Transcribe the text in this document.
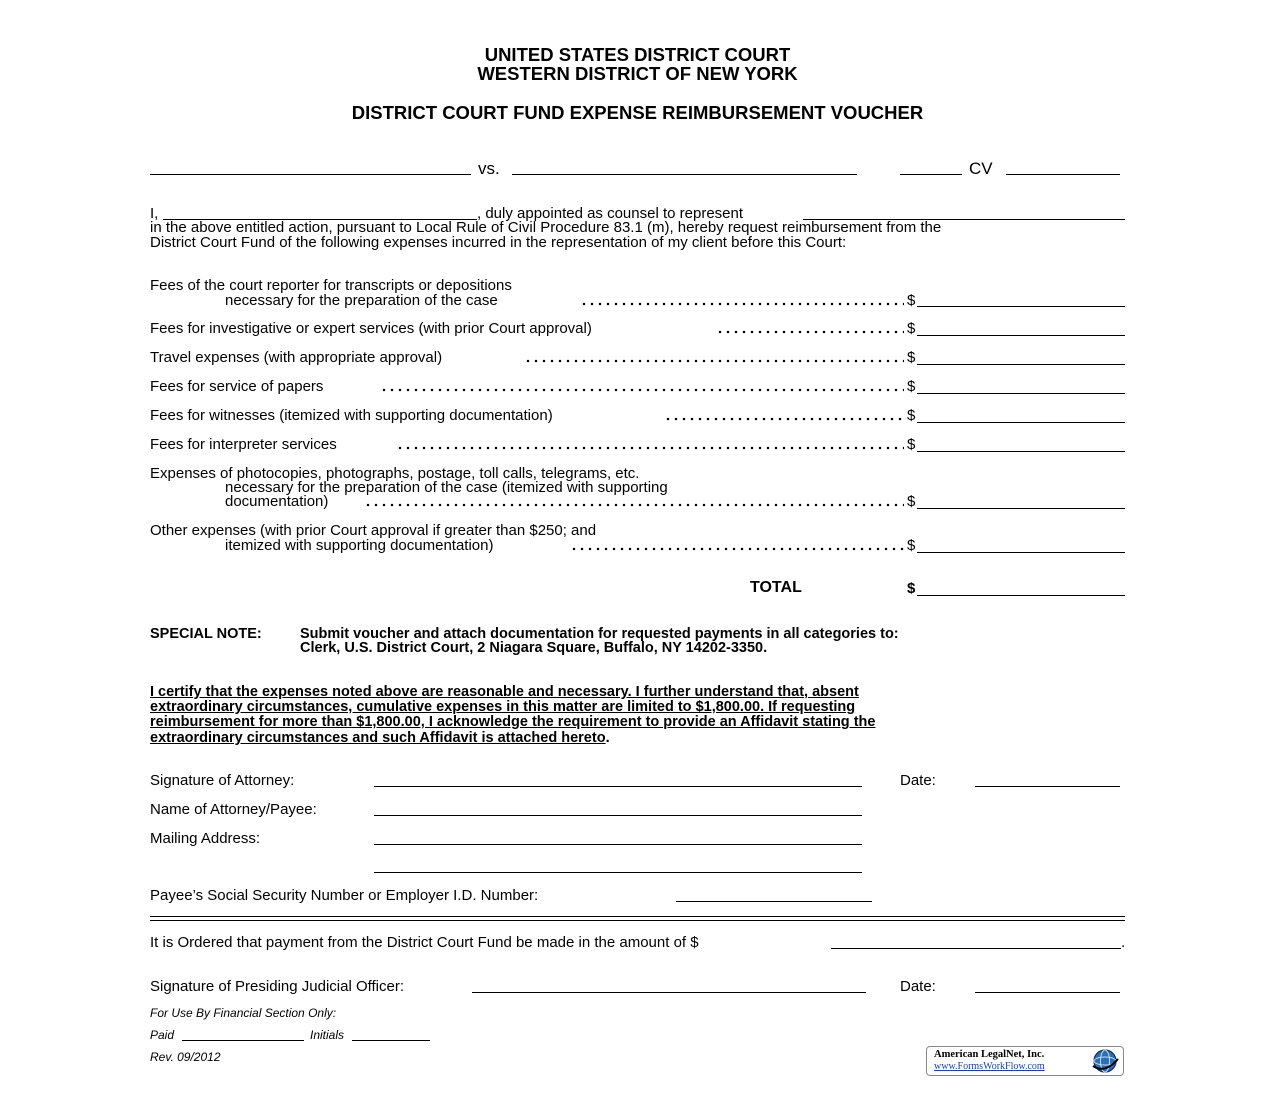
UNITED STATES DISTRICT COURT
WESTERN DISTRICT OF NEW YORK
DISTRICT COURT FUND EXPENSE REIMBURSEMENT VOUCHER
vs.	CV
I,	, duly appointed as counsel to represent
in the above entitled action, pursuant to Local Rule of Civil Procedure 83.1 (m), hereby request reimbursement from the
District Court Fund of the following expenses incurred in the representation of my client before this Court:
Fees of the court reporter for transcripts or depositions
necessary for the preparation of the case	$
Fees for investigative or expert services (with prior Court approval)	$
Travel expenses (with appropriate approval)	$
Fees for service of papers	$
Fees for witnesses (itemized with supporting documentation)	$
Fees for interpreter services	$
Expenses of photocopies, photographs, postage, toll calls, telegrams, etc.
necessary for the preparation of the case (itemized with supporting
documentation)	$
Other expenses (with prior Court approval if greater than $250; and
itemized with supporting documentation)	$
TOTAL	$
SPECIAL NOTE:	Submit voucher and attach documentation for requested payments in all categories to:
Clerk, U.S. District Court, 2 Niagara Square, Buffalo, NY 14202-3350.
I certify that the expenses noted above are reasonable and necessary. I further understand that, absent
extraordinary circumstances, cumulative expenses in this matter are limited to $1,800.00. If requesting
reimbursement for more than $1,800.00, I acknowledge the requirement to provide an Affidavit stating the
extraordinary circumstances and such Affidavit is attached hereto.
Signature of Attorney:	Date:
Name of Attorney/Payee:
Mailing Address:
Payee’s Social Security Number or Employer I.D. Number:
It is Ordered that payment from the District Court Fund be made in the amount of $	.
Signature of Presiding Judicial Officer:	Date:
For Use By Financial Section Only:
Paid	Initials
Rev. 09/2012	American LegalNet, Inc.
www.FormsWorkFlow.com
